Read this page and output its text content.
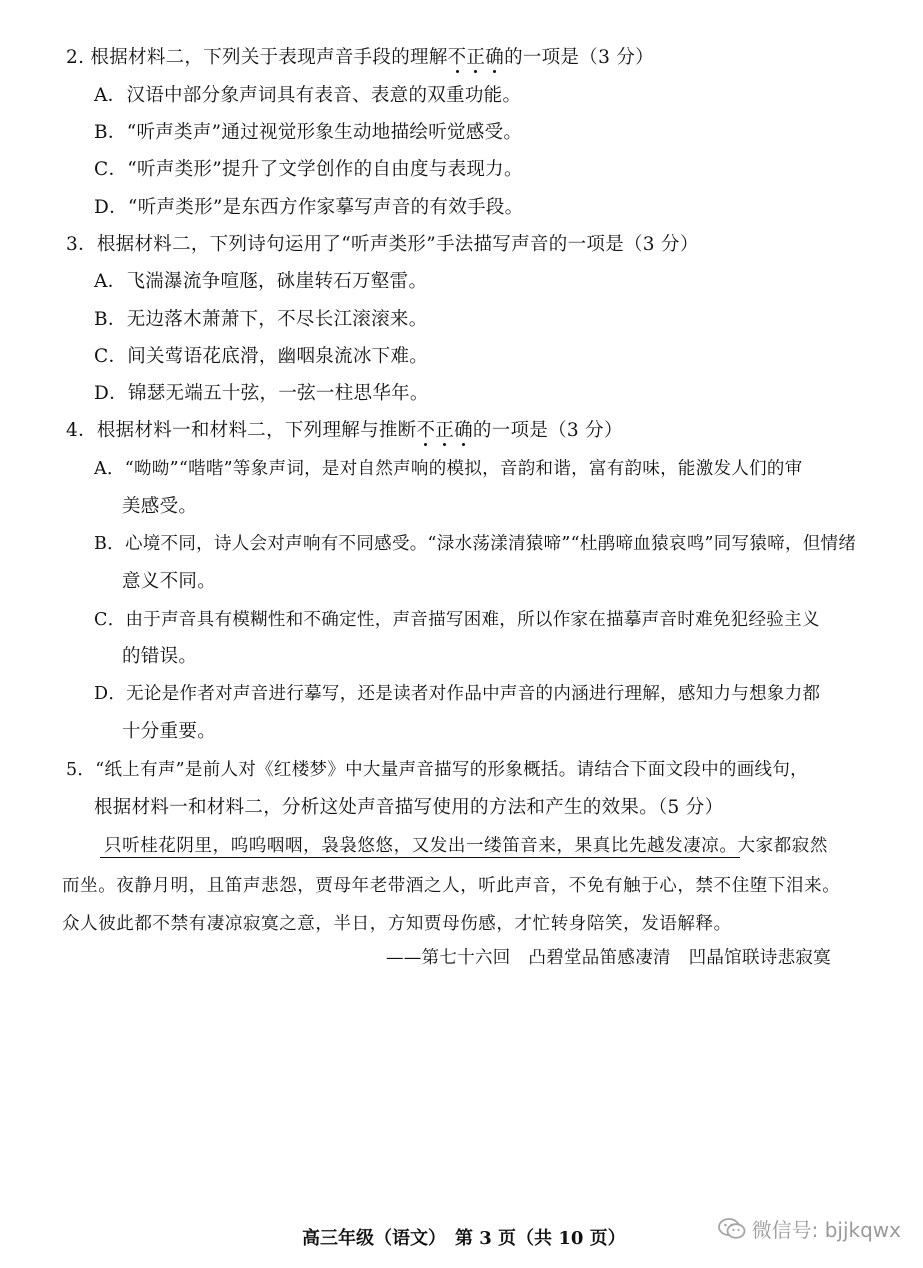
2. 根据材料二，下列关于表现声音手段的理解不正确的一项是（3 分）
A．汉语中部分象声词具有表音、表意的双重功能。
B．“听声类声”通过视觉形象生动地描绘听觉感受。
C．“听声类形”提升了文学创作的自由度与表现力。
D．“听声类形”是东西方作家摹写声音的有效手段。
3．根据材料二，下列诗句运用了“听声类形”手法描写声音的一项是（3 分）
A．飞湍瀑流争喧豗，砯崖转石万壑雷。
B．无边落木萧萧下，不尽长江滚滚来。
C．间关莺语花底滑，幽咽泉流冰下难。
D．锦瑟无端五十弦，一弦一柱思华年。
4．根据材料一和材料二，下列理解与推断不正确的一项是（3 分）
A．“呦呦”“喈喈”等象声词，是对自然声响的模拟，音韵和谐，富有韵味，能激发人们的审
美感受。
B．心境不同，诗人会对声响有不同感受。“渌水荡漾清猿啼”“杜鹃啼血猿哀鸣”同写猿啼，但情绪
意义不同。
C．由于声音具有模糊性和不确定性，声音描写困难，所以作家在描摹声音时难免犯经验主义
的错误。
D．无论是作者对声音进行摹写，还是读者对作品中声音的内涵进行理解，感知力与想象力都
十分重要。
5．“纸上有声”是前人对《红楼梦》中大量声音描写的形象概括。请结合下面文段中的画线句，
根据材料一和材料二，分析这处声音描写使用的方法和产生的效果。（5 分）
只听桂花阴里，呜呜咽咽，袅袅悠悠，又发出一缕笛音来，果真比先越发凄凉。大家都寂然
而坐。夜静月明，且笛声悲怨，贾母年老带酒之人，听此声音，不免有触于心，禁不住堕下泪来。
众人彼此都不禁有凄凉寂寞之意，半日，方知贾母伤感，才忙转身陪笑，发语解释。
——第七十六回　凸碧堂品笛感凄清　凹晶馆联诗悲寂寞
高三年级（语文）　第 3 页（共 10 页）	微信号: bjjkqwx
